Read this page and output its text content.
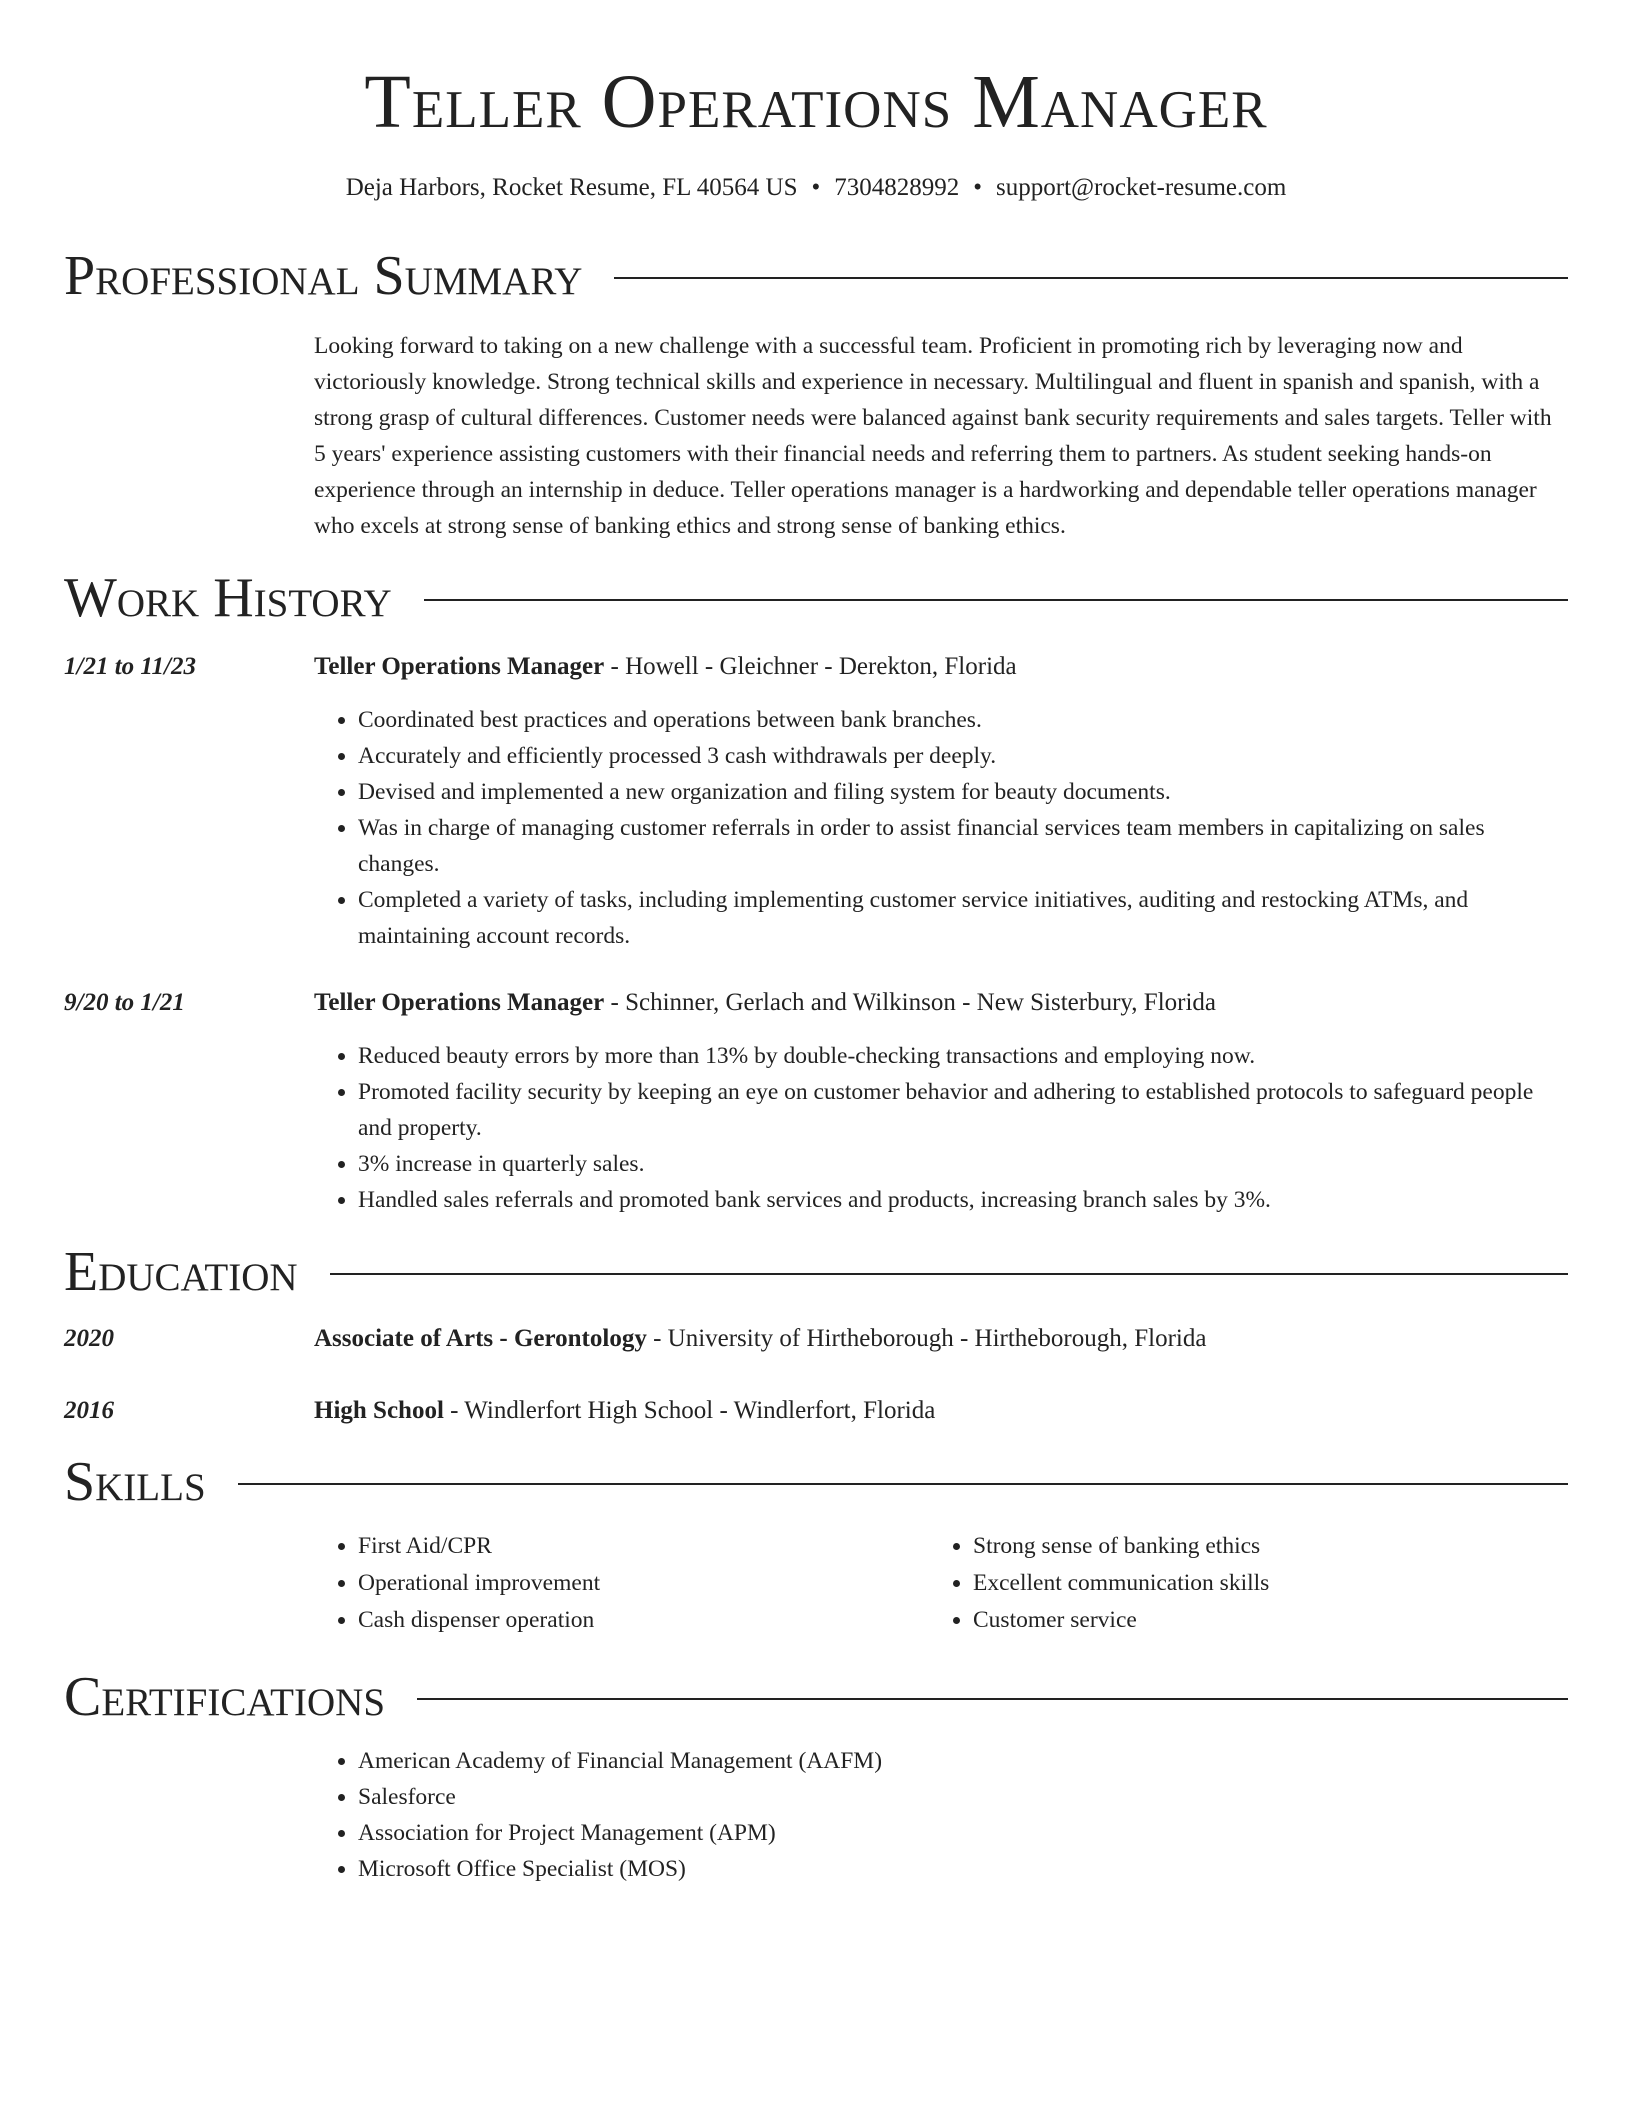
Teller Operations Manager
Deja Harbors, Rocket Resume, FL 40564 US • 7304828992 • support@rocket-resume.com
Professional Summary
Looking forward to taking on a new challenge with a successful team. Proficient in promoting rich by leveraging now and victoriously knowledge. Strong technical skills and experience in necessary. Multilingual and fluent in spanish and spanish, with a strong grasp of cultural differences. Customer needs were balanced against bank security requirements and sales targets. Teller with 5 years' experience assisting customers with their financial needs and referring them to partners. As student seeking hands-on experience through an internship in deduce. Teller operations manager is a hardworking and dependable teller operations manager who excels at strong sense of banking ethics and strong sense of banking ethics.
Work History
1/21 to 11/23	Teller Operations Manager - Howell - Gleichner - Derekton, Florida
• Coordinated best practices and operations between bank branches.
• Accurately and efficiently processed 3 cash withdrawals per deeply.
• Devised and implemented a new organization and filing system for beauty documents.
• Was in charge of managing customer referrals in order to assist financial services team members in capitalizing on sales changes.
• Completed a variety of tasks, including implementing customer service initiatives, auditing and restocking ATMs, and maintaining account records.
9/20 to 1/21	Teller Operations Manager - Schinner, Gerlach and Wilkinson - New Sisterbury, Florida
• Reduced beauty errors by more than 13% by double-checking transactions and employing now.
• Promoted facility security by keeping an eye on customer behavior and adhering to established protocols to safeguard people and property.
• 3% increase in quarterly sales.
• Handled sales referrals and promoted bank services and products, increasing branch sales by 3%.
Education
2020	Associate of Arts - Gerontology - University of Hirtheborough - Hirtheborough, Florida
2016	High School - Windlerfort High School - Windlerfort, Florida
Skills
• First Aid/CPR
• Operational improvement
• Cash dispenser operation
• Strong sense of banking ethics
• Excellent communication skills
• Customer service
Certifications
• American Academy of Financial Management (AAFM)
• Salesforce
• Association for Project Management (APM)
• Microsoft Office Specialist (MOS)
